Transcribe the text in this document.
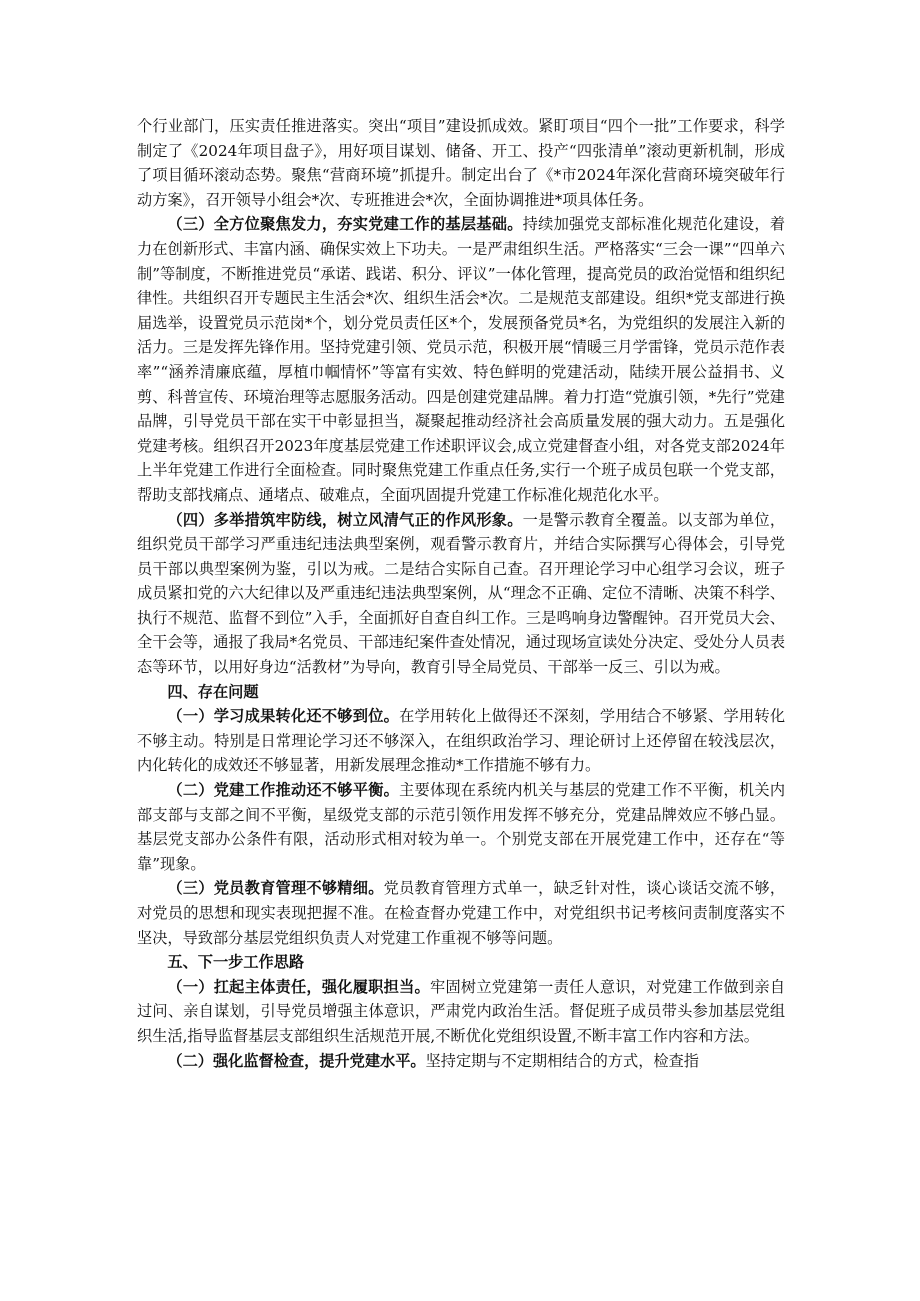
个行业部门，压实责任推进落实。突出“项目”建设抓成效。紧盯项目“四个一批”工作要求，科学制定了《2024年项目盘子》，用好项目谋划、储备、开工、投产“四张清单”滚动更新机制，形成了项目循环滚动态势。聚焦“营商环境”抓提升。制定出台了《*市2024年深化营商环境突破年行动方案》，召开领导小组会*次、专班推进会*次，全面协调推进*项具体任务。

（三）全方位聚焦发力，夯实党建工作的基层基础。持续加强党支部标准化规范化建设，着力在创新形式、丰富内涵、确保实效上下功夫。一是严肃组织生活。严格落实“三会一课”“四单六制”等制度，不断推进党员“承诺、践诺、积分、评议”一体化管理，提高党员的政治觉悟和组织纪律性。共组织召开专题民主生活会*次、组织生活会*次。二是规范支部建设。组织*党支部进行换届选举，设置党员示范岗*个，划分党员责任区*个，发展预备党员*名，为党组织的发展注入新的活力。三是发挥先锋作用。坚持党建引领、党员示范，积极开展“情暖三月学雷锋，党员示范作表率”“涵养清廉底蕴，厚植巾帼情怀”等富有实效、特色鲜明的党建活动，陆续开展公益捐书、义剪、科普宣传、环境治理等志愿服务活动。四是创建党建品牌。着力打造“党旗引领，*先行”党建品牌，引导党员干部在实干中彰显担当，凝聚起推动经济社会高质量发展的强大动力。五是强化党建考核。组织召开2023年度基层党建工作述职评议会,成立党建督查小组，对各党支部2024年上半年党建工作进行全面检查。同时聚焦党建工作重点任务,实行一个班子成员包联一个党支部，帮助支部找痛点、通堵点、破难点，全面巩固提升党建工作标准化规范化水平。

（四）多举措筑牢防线，树立风清气正的作风形象。一是警示教育全覆盖。以支部为单位，组织党员干部学习严重违纪违法典型案例，观看警示教育片，并结合实际撰写心得体会，引导党员干部以典型案例为鉴，引以为戒。二是结合实际自己查。召开理论学习中心组学习会议，班子成员紧扣党的六大纪律以及严重违纪违法典型案例，从“理念不正确、定位不清晰、决策不科学、执行不规范、监督不到位”入手，全面抓好自查自纠工作。三是鸣响身边警醒钟。召开党员大会、全干会等，通报了我局*名党员、干部违纪案件查处情况，通过现场宣读处分决定、受处分人员表态等环节，以用好身边“活教材”为导向，教育引导全局党员、干部举一反三、引以为戒。

四、存在问题

（一）学习成果转化还不够到位。在学用转化上做得还不深刻，学用结合不够紧、学用转化不够主动。特别是日常理论学习还不够深入，在组织政治学习、理论研讨上还停留在较浅层次，内化转化的成效还不够显著，用新发展理念推动*工作措施不够有力。

（二）党建工作推动还不够平衡。主要体现在系统内机关与基层的党建工作不平衡，机关内部支部与支部之间不平衡，星级党支部的示范引领作用发挥不够充分，党建品牌效应不够凸显。基层党支部办公条件有限，活动形式相对较为单一。个别党支部在开展党建工作中，还存在“等靠”现象。

（三）党员教育管理不够精细。党员教育管理方式单一，缺乏针对性，谈心谈话交流不够，对党员的思想和现实表现把握不准。在检查督办党建工作中，对党组织书记考核问责制度落实不坚决，导致部分基层党组织负责人对党建工作重视不够等问题。

五、下一步工作思路

（一）扛起主体责任，强化履职担当。牢固树立党建第一责任人意识，对党建工作做到亲自过问、亲自谋划，引导党员增强主体意识，严肃党内政治生活。督促班子成员带头参加基层党组织生活,指导监督基层支部组织生活规范开展,不断优化党组织设置,不断丰富工作内容和方法。

（二）强化监督检查，提升党建水平。坚持定期与不定期相结合的方式，检查指
